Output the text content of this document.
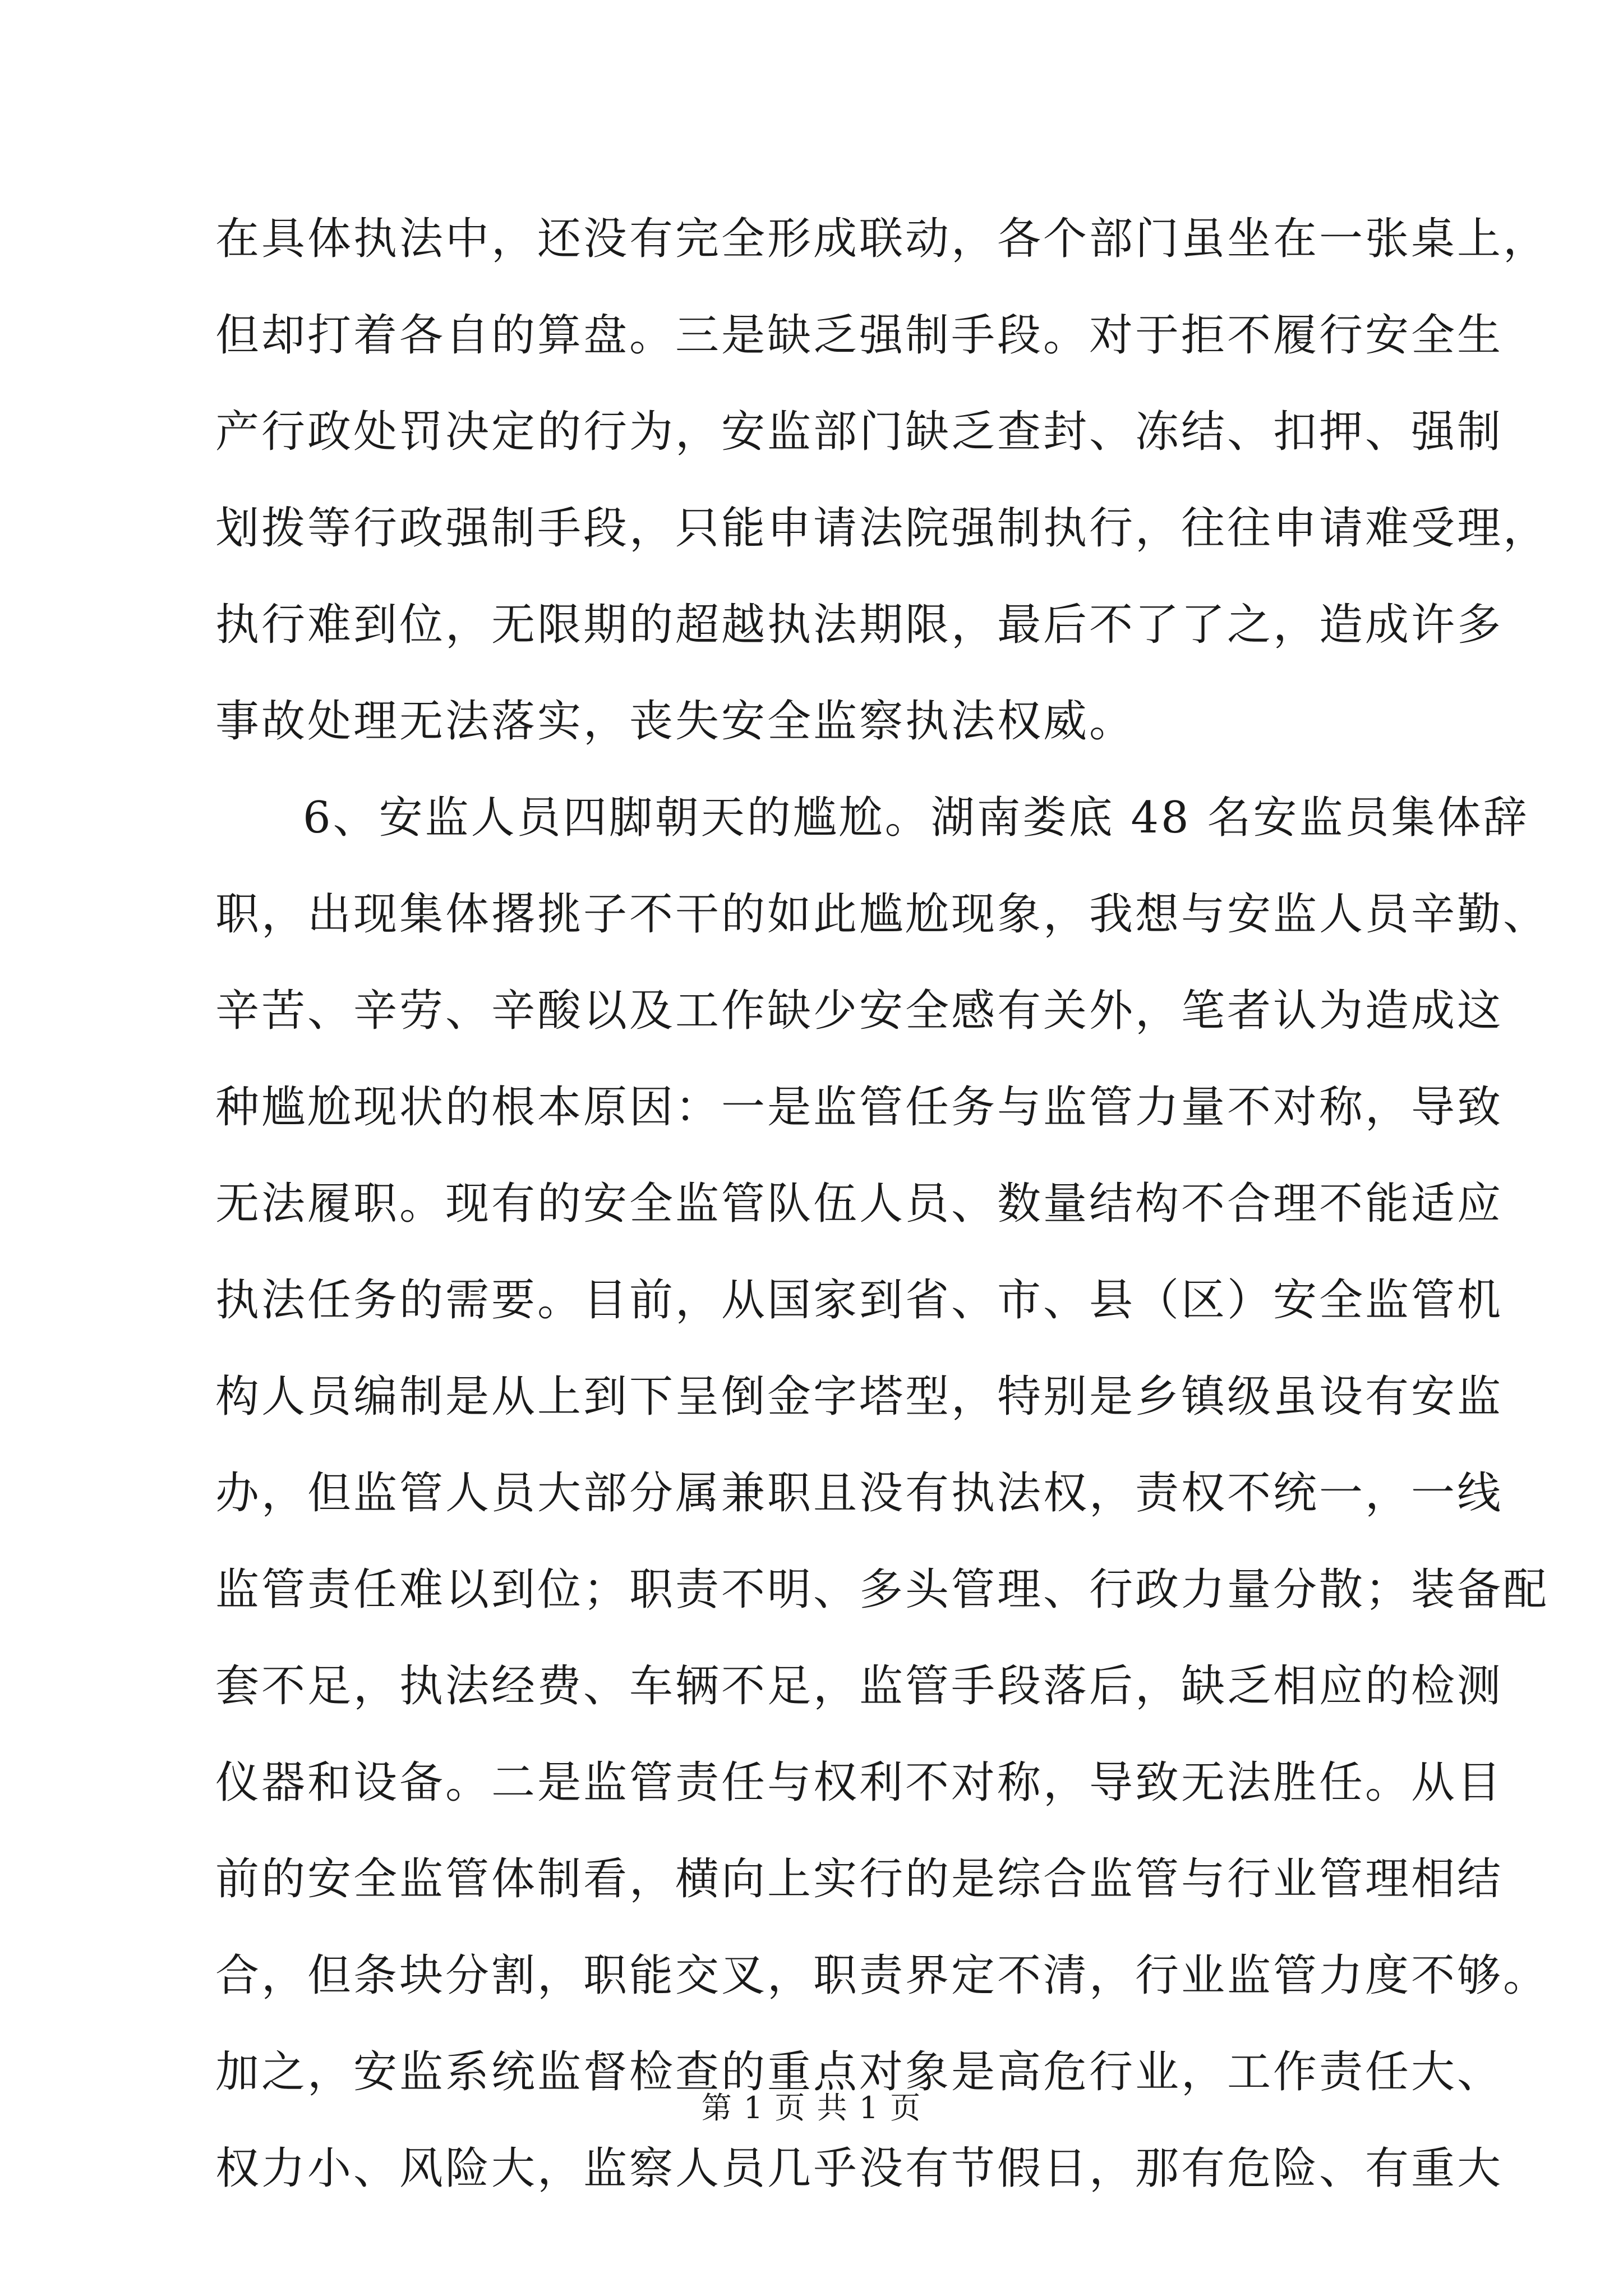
在具体执法中，还没有完全形成联动，各个部门虽坐在一张桌上，
但却打着各自的算盘。三是缺乏强制手段。对于拒不履行安全生
产行政处罚决定的行为，安监部门缺乏查封、冻结、扣押、强制
划拨等行政强制手段，只能申请法院强制执行，往往申请难受理，
执行难到位，无限期的超越执法期限，最后不了了之，造成许多
事故处理无法落实，丧失安全监察执法权威。
6、安监人员四脚朝天的尴尬。湖南娄底 48 名安监员集体辞
职，出现集体撂挑子不干的如此尴尬现象，我想与安监人员辛勤、
辛苦、辛劳、辛酸以及工作缺少安全感有关外，笔者认为造成这
种尴尬现状的根本原因：一是监管任务与监管力量不对称，导致
无法履职。现有的安全监管队伍人员、数量结构不合理不能适应
执法任务的需要。目前，从国家到省、市、县（区）安全监管机
构人员编制是从上到下呈倒金字塔型，特别是乡镇级虽设有安监
办，但监管人员大部分属兼职且没有执法权，责权不统一，一线
监管责任难以到位；职责不明、多头管理、行政力量分散；装备配
套不足，执法经费、车辆不足，监管手段落后，缺乏相应的检测
仪器和设备。二是监管责任与权利不对称，导致无法胜任。从目
前的安全监管体制看，横向上实行的是综合监管与行业管理相结
合，但条块分割，职能交叉，职责界定不清，行业监管力度不够。
加之，安监系统监督检查的重点对象是高危行业，工作责任大、
权力小、风险大，监察人员几乎没有节假日，那有危险、有重大
第 1 页 共 1 页
